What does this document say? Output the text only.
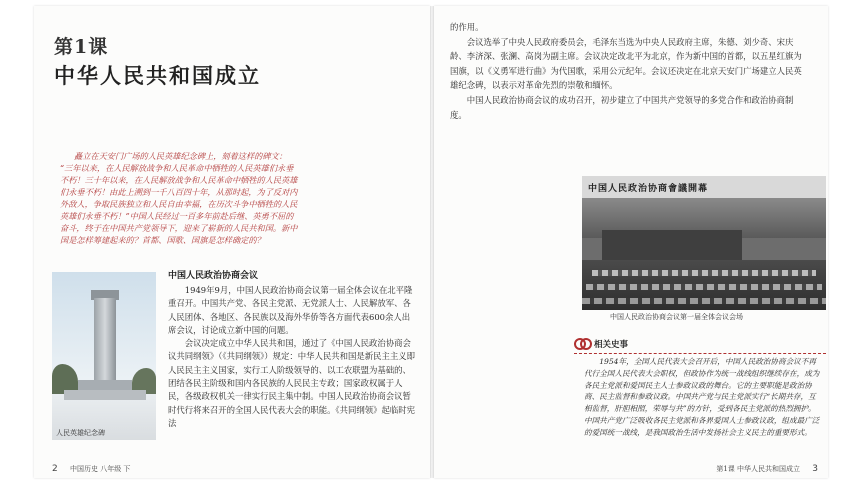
第1课
中华人民共和国成立
矗立在天安门广场的人民英雄纪念碑上，刻着这样的碑文：
“三年以来，在人民解放战争和人民革命中牺牲的人民英雄们永垂
不朽！三十年以来，在人民解放战争和人民革命中牺牲的人民英雄
们永垂不朽！由此上溯到一千八百四十年，从那时起，为了反对内
外敌人，争取民族独立和人民自由幸福，在历次斗争中牺牲的人民
英雄们永垂不朽！”中国人民经过一百多年前赴后继、英勇不屈的
奋斗，终于在中国共产党领导下，迎来了崭新的人民共和国。新中
国是怎样筹建起来的？首都、国歌、国旗是怎样确定的？
人民英雄纪念碑
中国人民政治协商会议

1949年9月，中国人民政治协商会议第一届全体会议在北平隆重召开。中国共产党、各民主党派、无党派人士、人民解放军、各人民团体、各地区、各民族以及海外华侨等各方面代表600余人出席会议，讨论成立新中国的问题。

会议决定成立中华人民共和国，通过了《中国人民政治协商会议共同纲领》（《共同纲领》）规定：中华人民共和国是新民主主义即人民民主主义国家，实行工人阶级领导的、以工农联盟为基础的、团结各民主阶级和国内各民族的人民民主专政；国家政权属于人民，各级政权机关一律实行民主集中制。中国人民政治协商会议暂时代行将来召开的全国人民代表大会的职能。《共同纲领》起临时宪法

2 中国历史 八年级 下

的作用。

会议选举了中央人民政府委员会，毛泽东当选为中央人民政府主席，朱德、刘少奇、宋庆龄、李济深、张澜、高岗为副主席。会议决定改北平为北京，作为新中国的首都，以五星红旗为国旗，以《义勇军进行曲》为代国歌，采用公元纪年。会议还决定在北京天安门广场建立人民英雄纪念碑，以表示对革命先烈的崇敬和缅怀。

中国人民政治协商会议的成功召开，初步建立了中国共产党领导的多党合作和政治协商制度。

中国人民政治协商會議開幕
中国人民政治协商会议第一届全体会议会场
相关史事

1954年，全国人民代表大会召开后，中国人民政治协商会议不再代行全国人民代表大会职权，但政协作为统一战线组织继续存在，成为各民主党派和爱国民主人士参政议政的舞台。它的主要职能是政治协商、民主监督和参政议政。中国共产党与民主党派实行“长期共存，互相监督，肝胆相照，荣辱与共”的方针，受到各民主党派的热烈拥护。中国共产党广泛吸收各民主党派和各界爱国人士参政议政，组成最广泛的爱国统一战线，是我国政治生活中发扬社会主义民主的重要形式。

第1课 中华人民共和国成立 3
